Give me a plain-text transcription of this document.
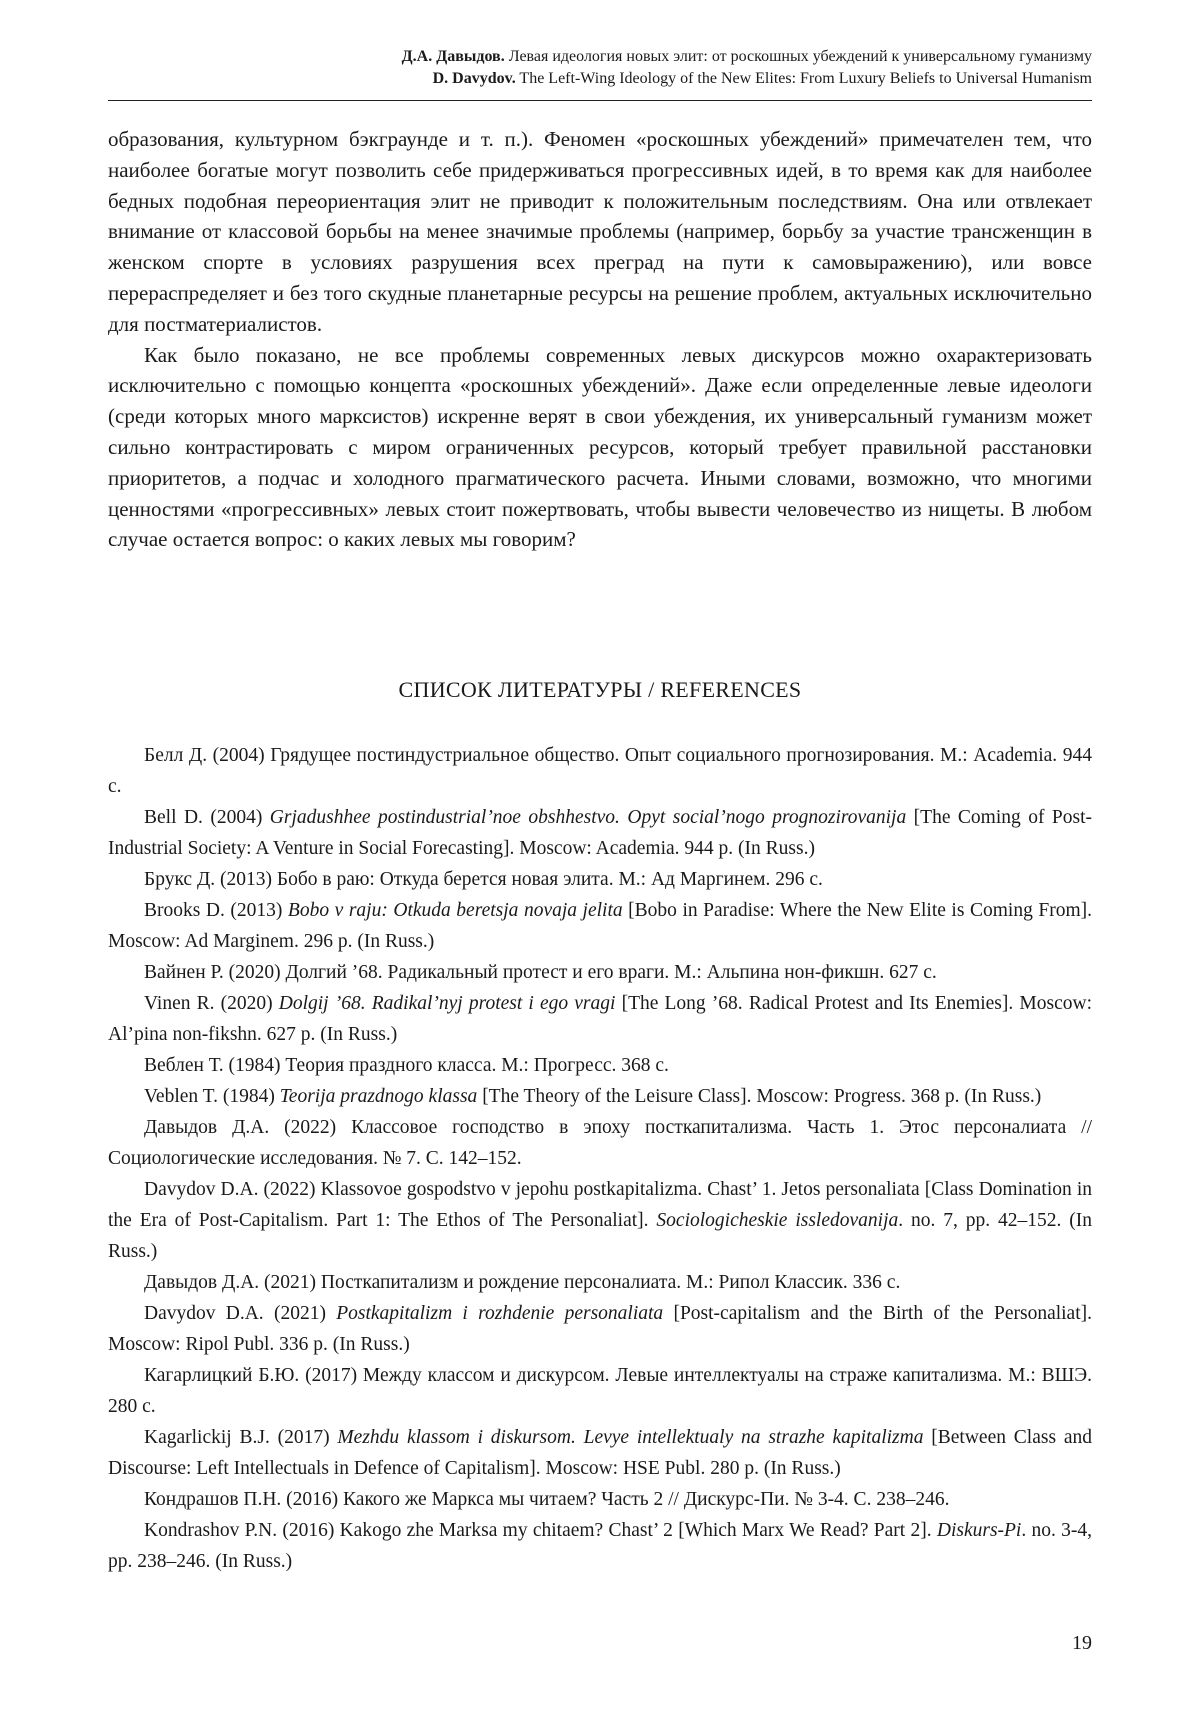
Д.А. Давыдов. Левая идеология новых элит: от роскошных убеждений к универсальному гуманизму
D. Davydov. The Left-Wing Ideology of the New Elites: From Luxury Beliefs to Universal Humanism

образования, культурном бэкграунде и т. п.). Феномен «роскошных убеждений» примечателен тем, что наиболее богатые могут позволить себе придерживаться прогрессивных идей, в то время как для наиболее бедных подобная переориентация элит не приводит к положительным последствиям. Она или отвлекает внимание от классовой борьбы на менее значимые проблемы (например, борьбу за участие трансженщин в женском спорте в условиях разрушения всех преград на пути к самовыражению), или вовсе перераспределяет и без того скудные планетарные ресурсы на решение проблем, актуальных исключительно для постматериалистов.

Как было показано, не все проблемы современных левых дискурсов можно охарактеризовать исключительно с помощью концепта «роскошных убеждений». Даже если определенные левые идеологи (среди которых много марксистов) искренне верят в свои убеждения, их универсальный гуманизм может сильно контрастировать с миром ограниченных ресурсов, который требует правильной расстановки приоритетов, а подчас и холодного прагматического расчета. Иными словами, возможно, что многими ценностями «прогрессивных» левых стоит пожертвовать, чтобы вывести человечество из нищеты. В любом случае остается вопрос: о каких левых мы говорим?

СПИСОК ЛИТЕРАТУРЫ / REFERENCES

Белл Д. (2004) Грядущее постиндустриальное общество. Опыт социального прогнозирования. М.: Academia. 944 с.

Bell D. (2004) Grjadushhee postindustrial’noe obshhestvo. Opyt social’nogo prognozirovanija [The Coming of Post-Industrial Society: A Venture in Social Forecasting]. Moscow: Academia. 944 p. (In Russ.)

Брукс Д. (2013) Бобо в раю: Откуда берется новая элита. М.: Ад Маргинем. 296 с.

Brooks D. (2013) Bobo v raju: Otkuda beretsja novaja jelita [Bobo in Paradise: Where the New Elite is Coming From]. Moscow: Ad Marginem. 296 p. (In Russ.)

Вайнен Р. (2020) Долгий ’68. Радикальный протест и его враги. М.: Альпина нон-фикшн. 627 с.

Vinen R. (2020) Dolgij ’68. Radikal’nyj protest i ego vragi [The Long ’68. Radical Protest and Its Enemies]. Moscow: Al’pina non-fikshn. 627 p. (In Russ.)

Веблен Т. (1984) Теория праздного класса. М.: Прогресс. 368 с.

Veblen T. (1984) Teorija prazdnogo klassa [The Theory of the Leisure Class]. Moscow: Progress. 368 p. (In Russ.)

Давыдов Д.А. (2022) Классовое господство в эпоху посткапитализма. Часть 1. Этос персоналиата // Социологические исследования. № 7. С. 142–152.

Davydov D.A. (2022) Klassovoe gospodstvo v jepohu postkapitalizma. Chast’ 1. Jetos personaliata [Class Domination in the Era of Post-Capitalism. Part 1: The Ethos of The Personaliat]. Sociologicheskie issledovanija. no. 7, pp. 42–152. (In Russ.)

Давыдов Д.А. (2021) Посткапитализм и рождение персоналиата. М.: Рипол Классик. 336 с.

Davydov D.A. (2021) Postkapitalizm i rozhdenie personaliata [Post-capitalism and the Birth of the Personaliat]. Moscow: Ripol Publ. 336 p. (In Russ.)

Кагарлицкий Б.Ю. (2017) Между классом и дискурсом. Левые интеллектуалы на страже капитализма. М.: ВШЭ. 280 с.

Kagarlickij B.J. (2017) Mezhdu klassom i diskursom. Levye intellektualy na strazhe kapitalizma [Between Class and Discourse: Left Intellectuals in Defence of Capitalism]. Moscow: HSE Publ. 280 p. (In Russ.)

Кондрашов П.Н. (2016) Какого же Маркса мы читаем? Часть 2 // Дискурс-Пи. № 3-4. С. 238–246.

Kondrashov P.N. (2016) Kakogo zhe Marksa my chitaem? Chast’ 2 [Which Marx We Read? Part 2]. Diskurs-Pi. no. 3-4, pp. 238–246. (In Russ.)

19
